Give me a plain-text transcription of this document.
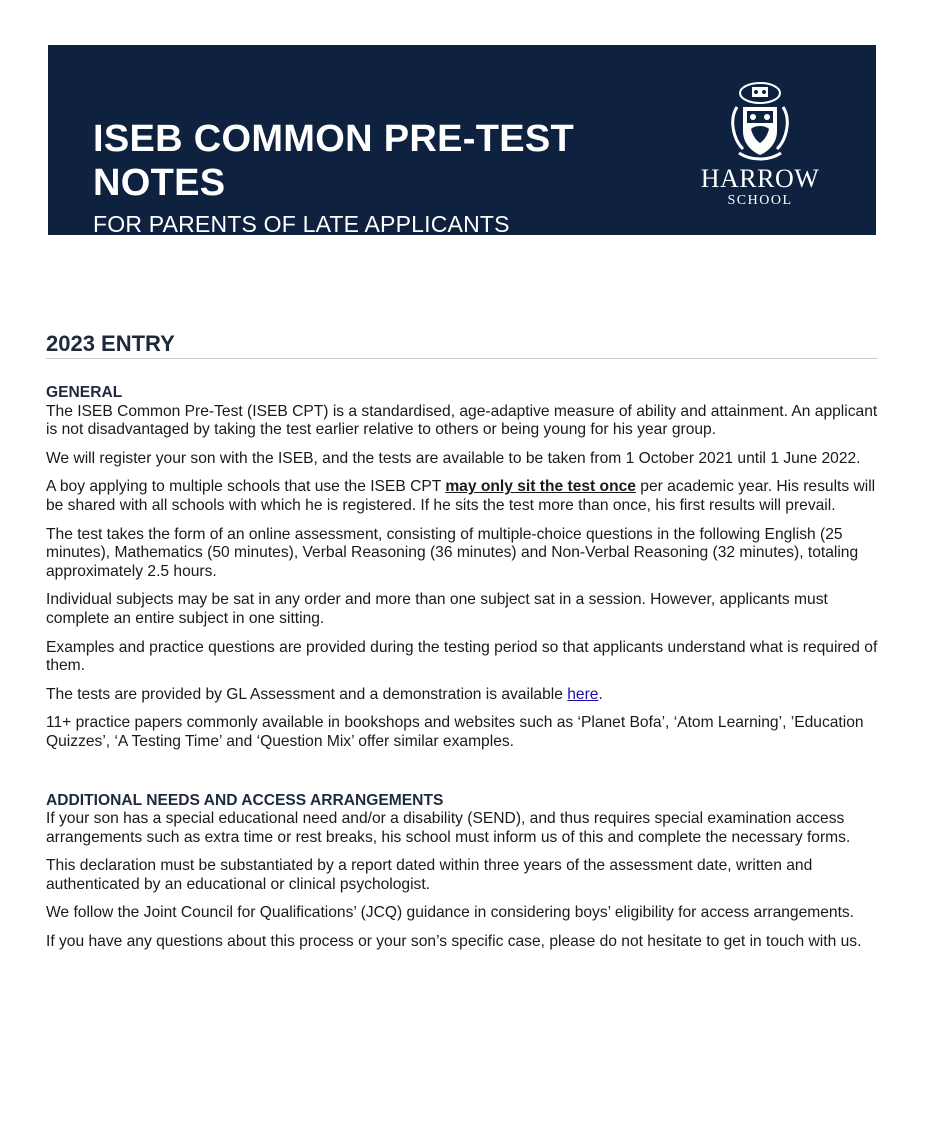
ISEB COMMON PRE-TEST NOTES
FOR PARENTS OF LATE APPLICANTS
HARROW
SCHOOL
2023 ENTRY
GENERAL

The ISEB Common Pre-Test (ISEB CPT) is a standardised, age-adaptive measure of ability and attainment. An applicant is not disadvantaged by taking the test earlier relative to others or being young for his year group.

We will register your son with the ISEB, and the tests are available to be taken from 1 October 2021 until 1 June 2022.

A boy applying to multiple schools that use the ISEB CPT may only sit the test once per academic year. His results will be shared with all schools with which he is registered. If he sits the test more than once, his first results will prevail.

The test takes the form of an online assessment, consisting of multiple-choice questions in the following English (25 minutes), Mathematics (50 minutes), Verbal Reasoning (36 minutes) and Non-Verbal Reasoning (32 minutes), totaling approximately 2.5 hours.

Individual subjects may be sat in any order and more than one subject sat in a session. However, applicants must complete an entire subject in one sitting.

Examples and practice questions are provided during the testing period so that applicants understand what is required of them.

The tests are provided by GL Assessment and a demonstration is available here.

11+ practice papers commonly available in bookshops and websites such as ‘Planet Bofa’, ‘Atom Learning’, ’Education Quizzes’, ‘A Testing Time’ and ‘Question Mix’ offer similar examples.

ADDITIONAL NEEDS AND ACCESS ARRANGEMENTS

If your son has a special educational need and/or a disability (SEND), and thus requires special examination access arrangements such as extra time or rest breaks, his school must inform us of this and complete the necessary forms.

This declaration must be substantiated by a report dated within three years of the assessment date, written and authenticated by an educational or clinical psychologist.

We follow the Joint Council for Qualifications’ (JCQ) guidance in considering boys’ eligibility for access arrangements.

If you have any questions about this process or your son’s specific case, please do not hesitate to get in touch with us.
